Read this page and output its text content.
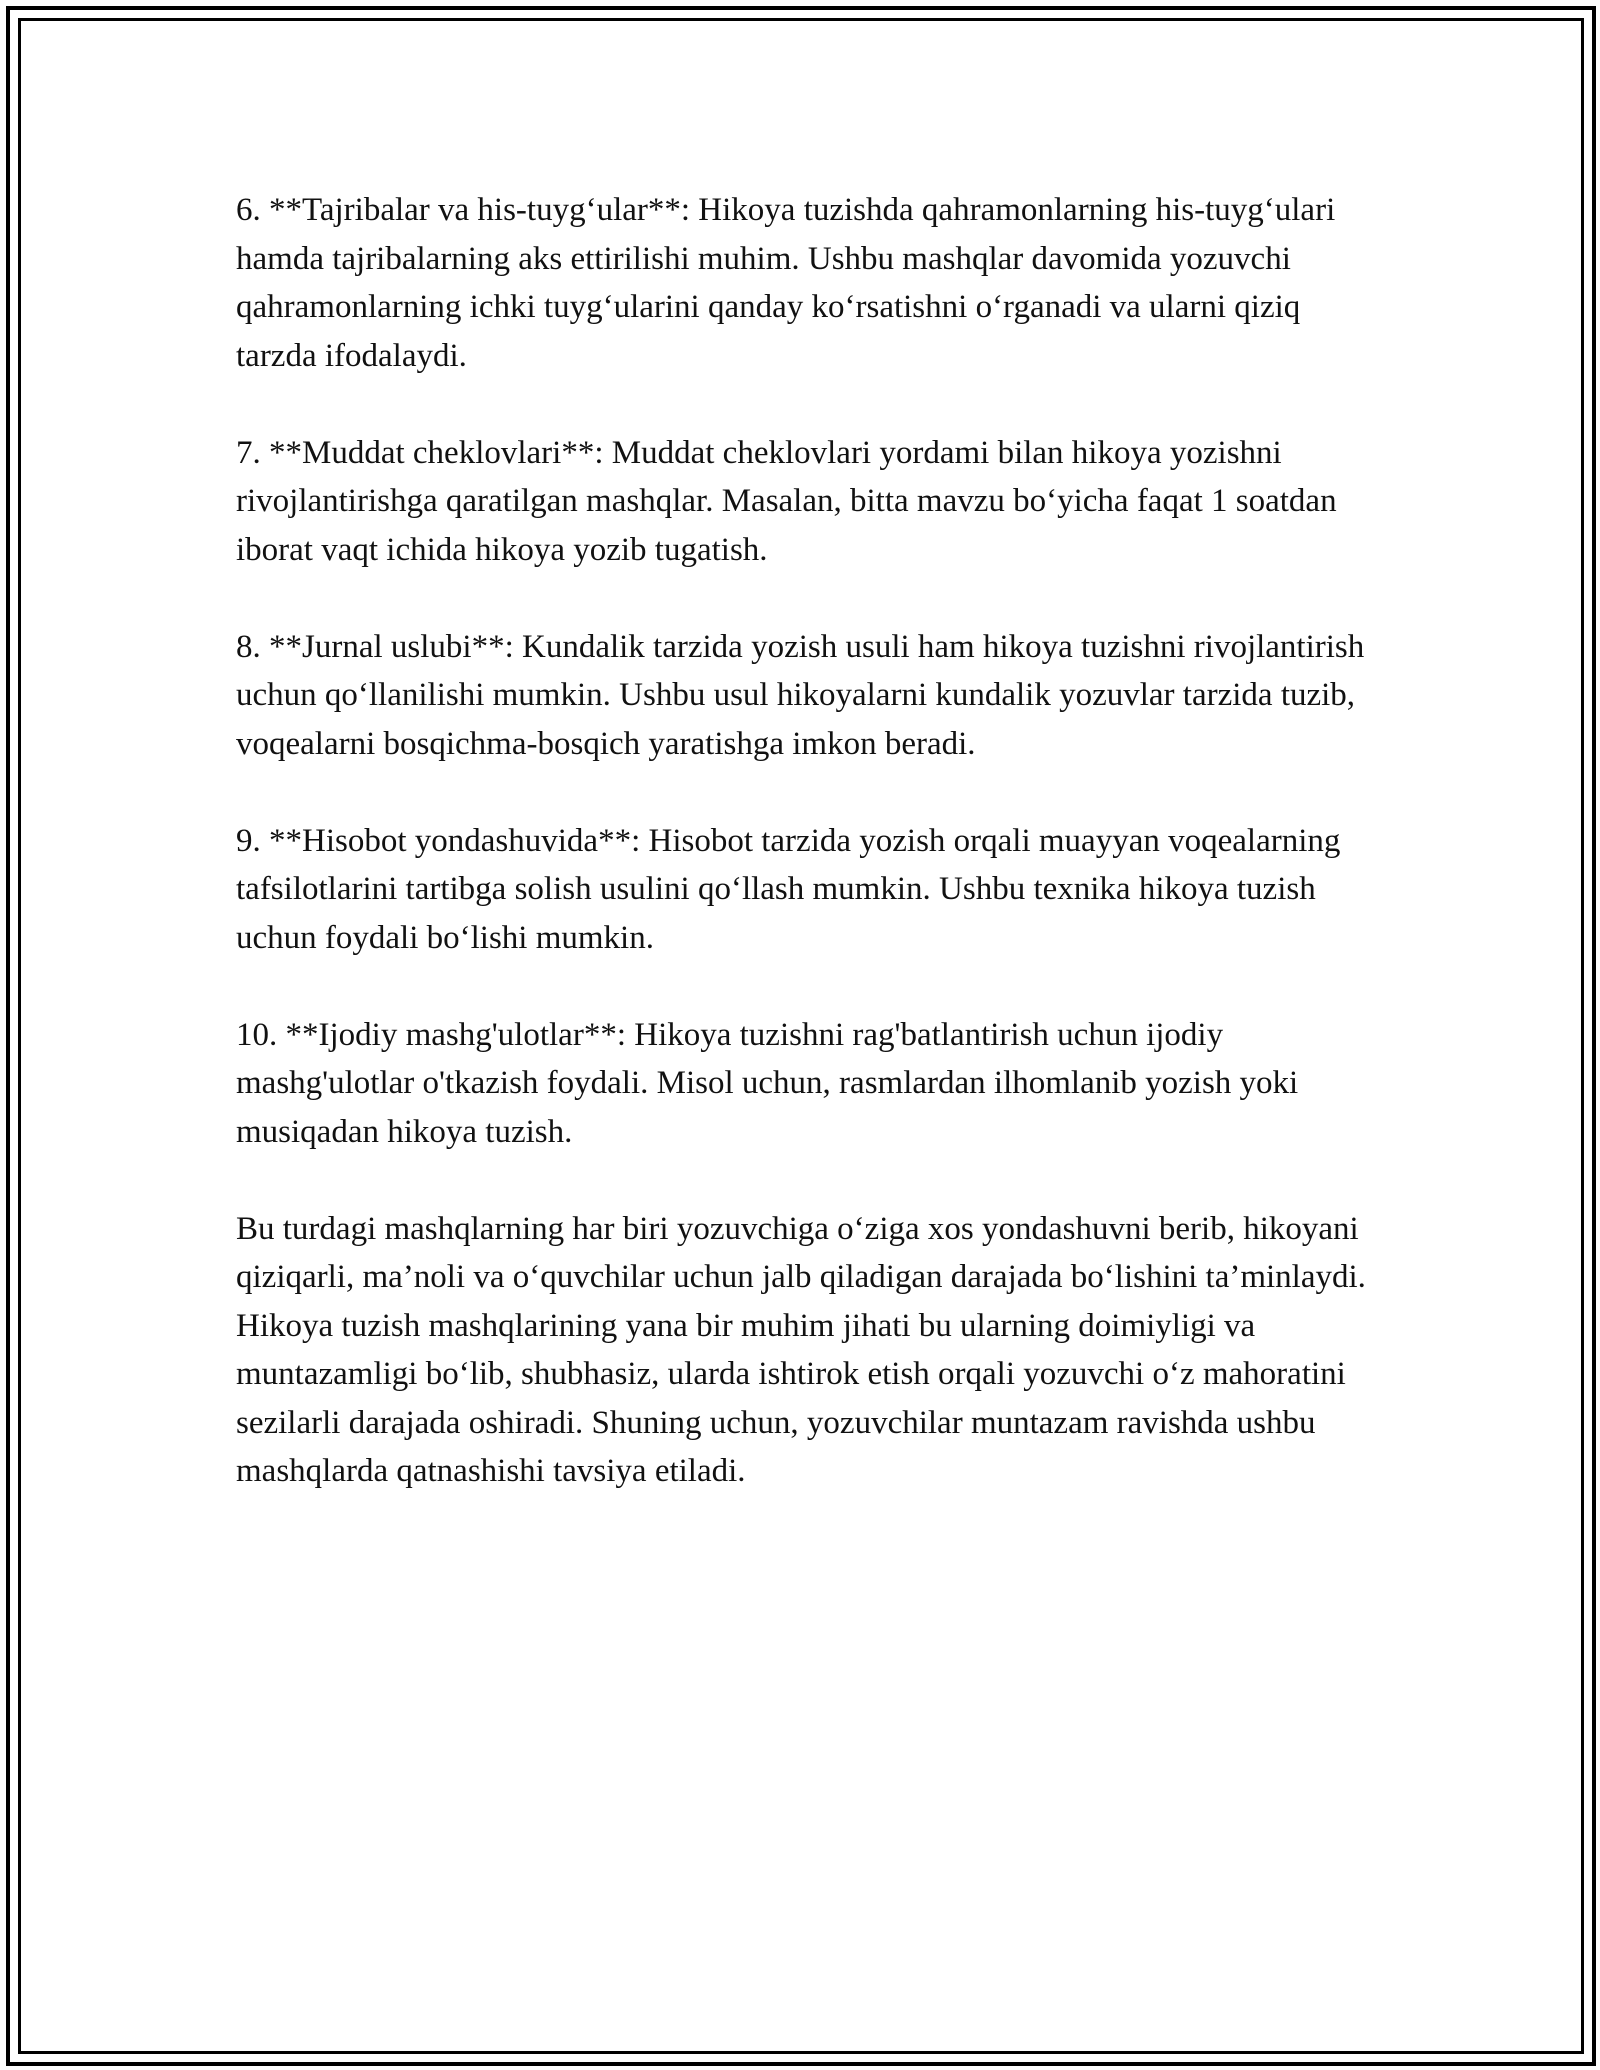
6. **Tajribalar va his-tuyg‘ular**: Hikoya tuzishda qahramonlarning his-tuyg‘ulari hamda tajribalarning aks ettirilishi muhim. Ushbu mashqlar davomida yozuvchi qahramonlarning ichki tuyg‘ularini qanday ko‘rsatishni o‘rganadi va ularni qiziq tarzda ifodalaydi.

7. **Muddat cheklovlari**: Muddat cheklovlari yordami bilan hikoya yozishni rivojlantirishga qaratilgan mashqlar. Masalan, bitta mavzu bo‘yicha faqat 1 soatdan iborat vaqt ichida hikoya yozib tugatish.

8. **Jurnal uslubi**: Kundalik tarzida yozish usuli ham hikoya tuzishni rivojlantirish uchun qo‘llanilishi mumkin. Ushbu usul hikoyalarni kundalik yozuvlar tarzida tuzib, voqealarni bosqichma-bosqich yaratishga imkon beradi.

9. **Hisobot yondashuvida**: Hisobot tarzida yozish orqali muayyan voqealarning tafsilotlarini tartibga solish usulini qo‘llash mumkin. Ushbu texnika hikoya tuzish uchun foydali bo‘lishi mumkin.

10. **Ijodiy mashg'ulotlar**: Hikoya tuzishni rag'batlantirish uchun ijodiy mashg'ulotlar o'tkazish foydali. Misol uchun, rasmlardan ilhomlanib yozish yoki musiqadan hikoya tuzish.

Bu turdagi mashqlarning har biri yozuvchiga o‘ziga xos yondashuvni berib, hikoyani qiziqarli, ma’noli va o‘quvchilar uchun jalb qiladigan darajada bo‘lishini ta’minlaydi. Hikoya tuzish mashqlarining yana bir muhim jihati bu ularning doimiyligi va muntazamligi bo‘lib, shubhasiz, ularda ishtirok etish orqali yozuvchi o‘z mahoratini sezilarli darajada oshiradi. Shuning uchun, yozuvchilar muntazam ravishda ushbu mashqlarda qatnashishi tavsiya etiladi.
